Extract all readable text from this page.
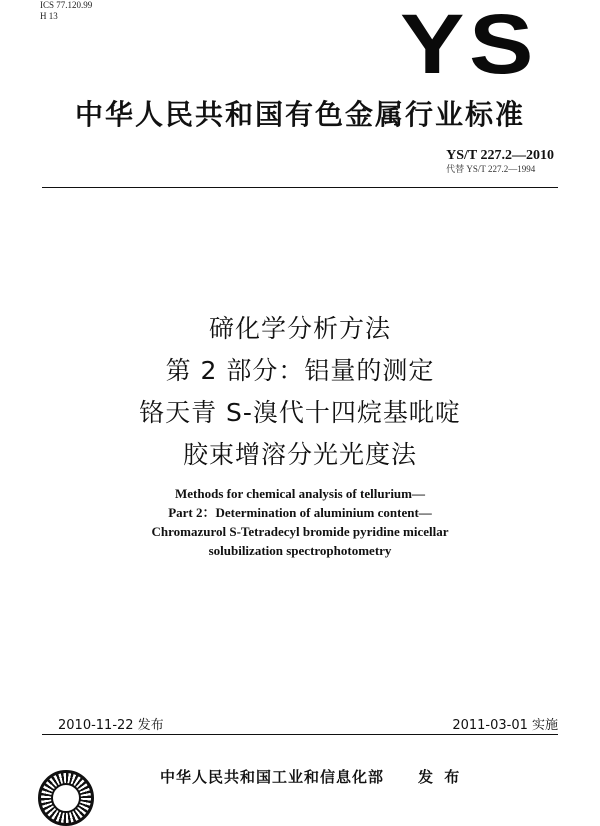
ICS 77.120.99
H 13	YS
中华人民共和国有色金属行业标准
YS/T 227.2—2010
代替 YS/T 227.2—1994
碲化学分析方法
第 2 部分：铝量的测定
铬天青 S-溴代十四烷基吡啶
胶束增溶分光光度法
Methods for chemical analysis of tellurium—
Part 2：Determination of aluminium content—
Chromazurol S-Tetradecyl bromide pyridine micellar
solubilization spectrophotometry
2010-11-22 发布	2011-03-01 实施
中华人民共和国工业和信息化部 发 布
